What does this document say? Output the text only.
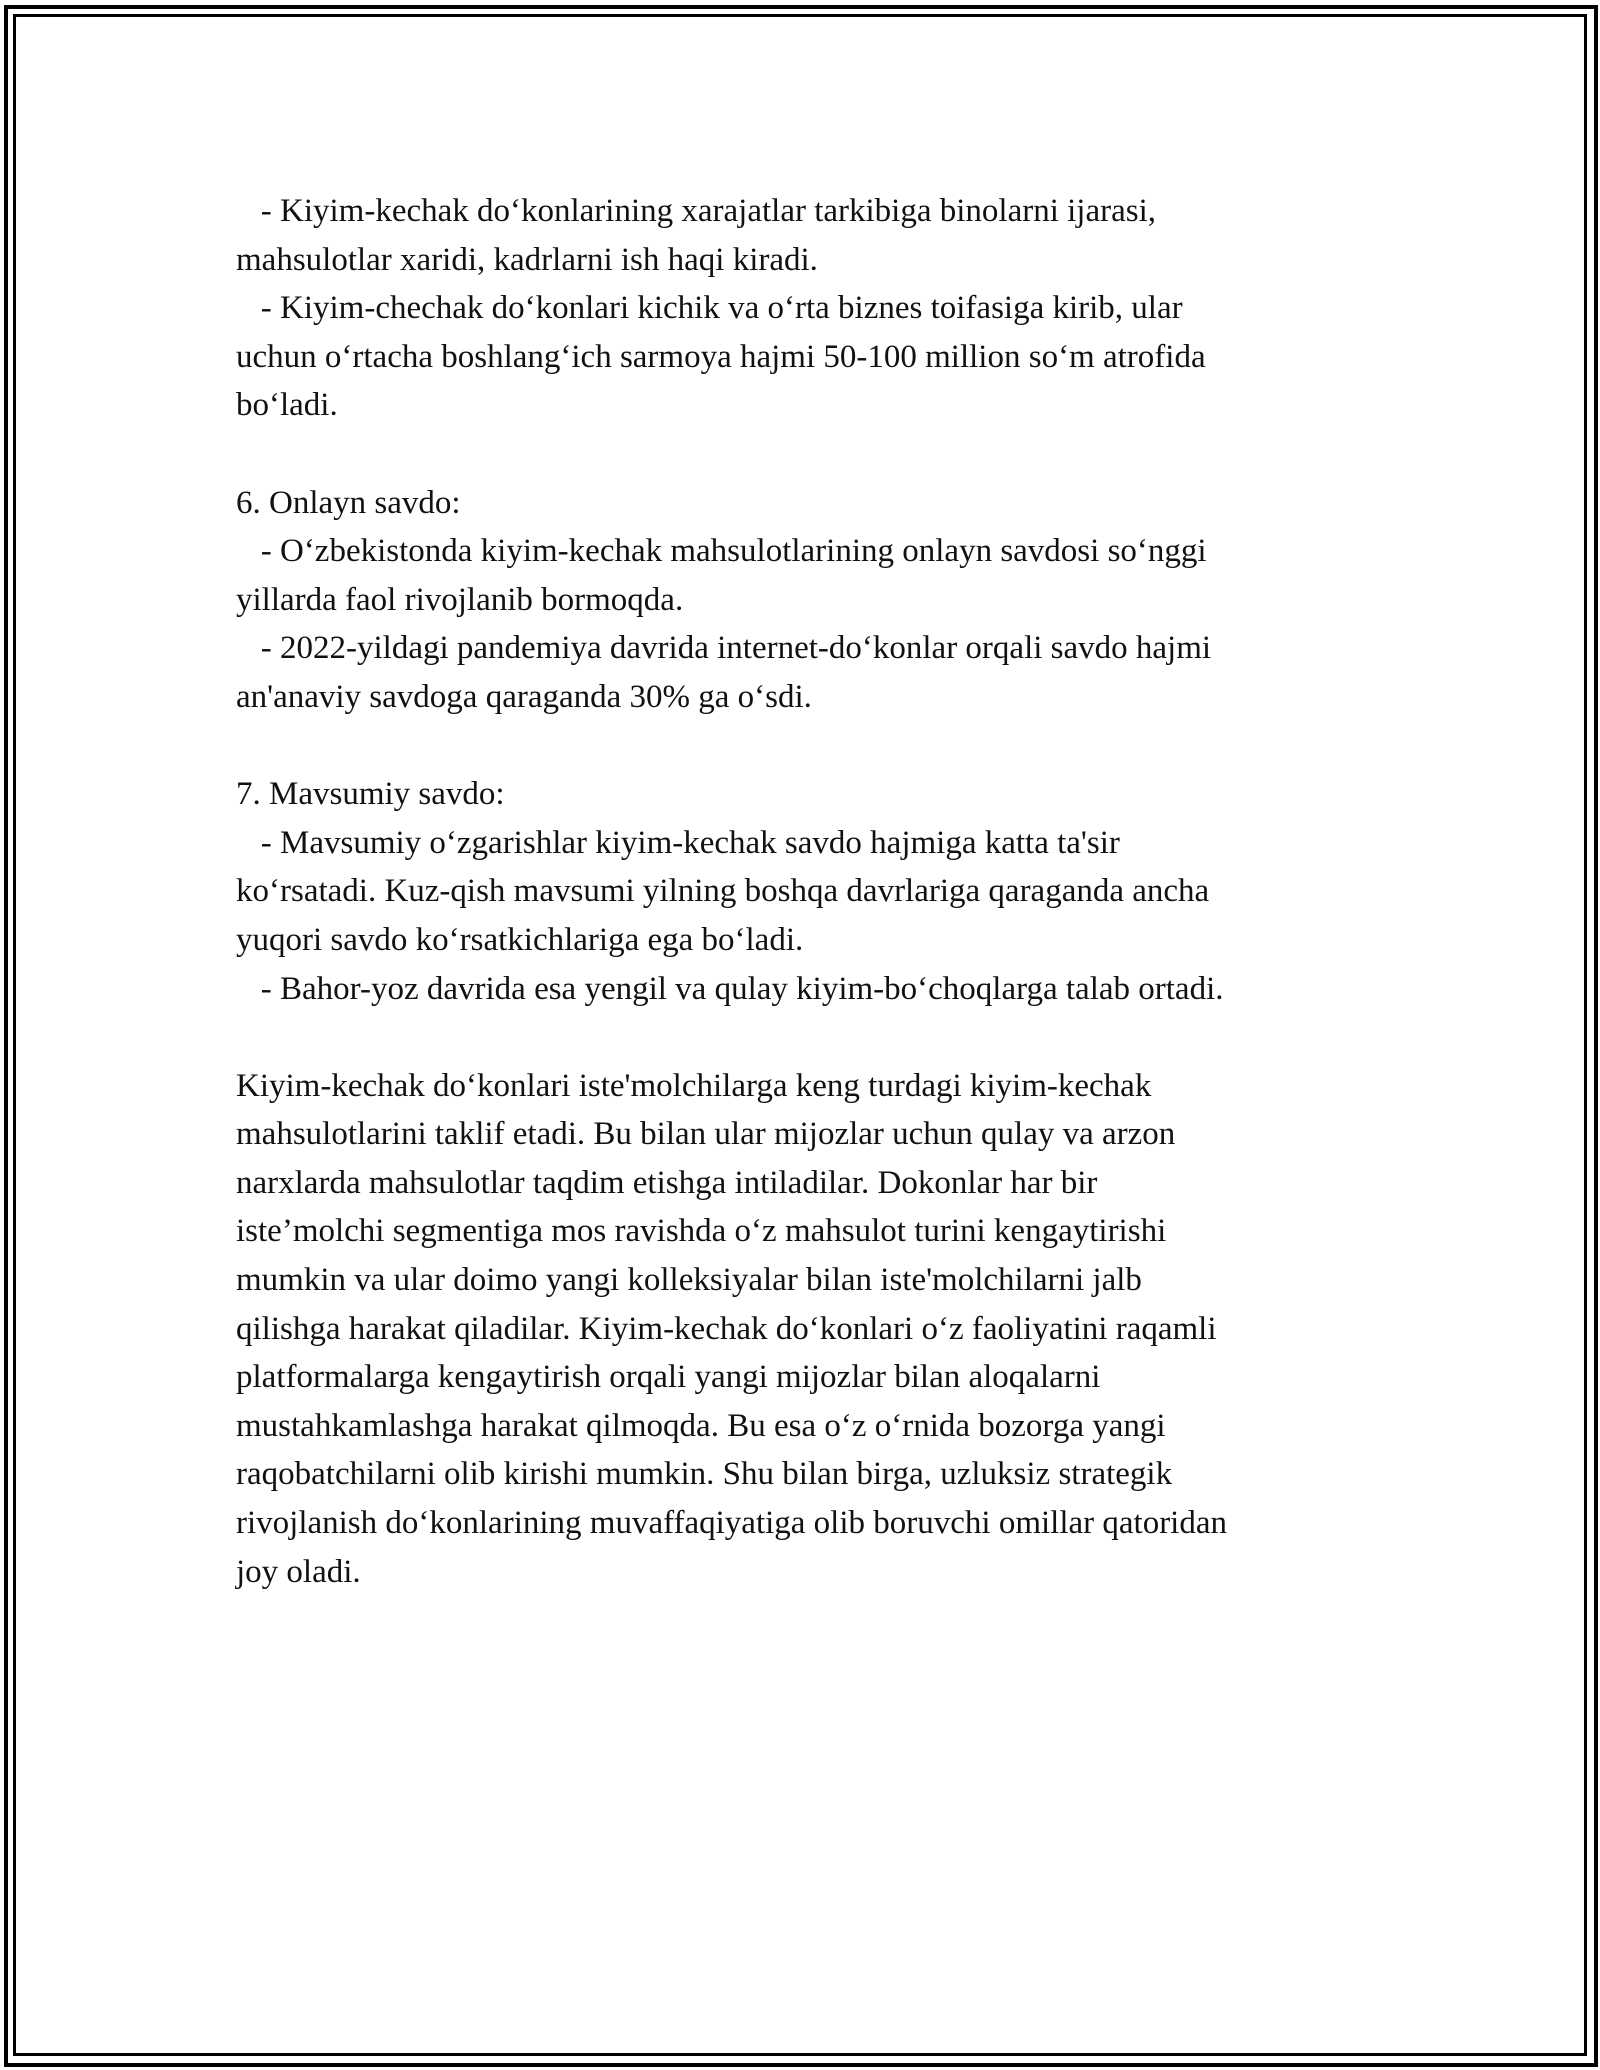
- Kiyim-kechak do‘konlarining xarajatlar tarkibiga binolarni ijarasi,
mahsulotlar xaridi, kadrlarni ish haqi kiradi.
- Kiyim-chechak do‘konlari kichik va o‘rta biznes toifasiga kirib, ular
uchun o‘rtacha boshlang‘ich sarmoya hajmi 50-100 million so‘m atrofida
bo‘ladi.
6. Onlayn savdo:
- O‘zbekistonda kiyim-kechak mahsulotlarining onlayn savdosi so‘nggi
yillarda faol rivojlanib bormoqda.
- 2022-yildagi pandemiya davrida internet-do‘konlar orqali savdo hajmi
an'anaviy savdoga qaraganda 30% ga o‘sdi.
7. Mavsumiy savdo:
- Mavsumiy o‘zgarishlar kiyim-kechak savdo hajmiga katta ta'sir
ko‘rsatadi. Kuz-qish mavsumi yilning boshqa davrlariga qaraganda ancha
yuqori savdo ko‘rsatkichlariga ega bo‘ladi.
- Bahor-yoz davrida esa yengil va qulay kiyim-bo‘choqlarga talab ortadi.
Kiyim-kechak do‘konlari iste'molchilarga keng turdagi kiyim-kechak
mahsulotlarini taklif etadi. Bu bilan ular mijozlar uchun qulay va arzon
narxlarda mahsulotlar taqdim etishga intiladilar. Dokonlar har bir
iste’molchi segmentiga mos ravishda o‘z mahsulot turini kengaytirishi
mumkin va ular doimo yangi kolleksiyalar bilan iste'molchilarni jalb
qilishga harakat qiladilar. Kiyim-kechak do‘konlari o‘z faoliyatini raqamli
platformalarga kengaytirish orqali yangi mijozlar bilan aloqalarni
mustahkamlashga harakat qilmoqda. Bu esa o‘z o‘rnida bozorga yangi
raqobatchilarni olib kirishi mumkin. Shu bilan birga, uzluksiz strategik
rivojlanish do‘konlarining muvaffaqiyatiga olib boruvchi omillar qatoridan
joy oladi.
